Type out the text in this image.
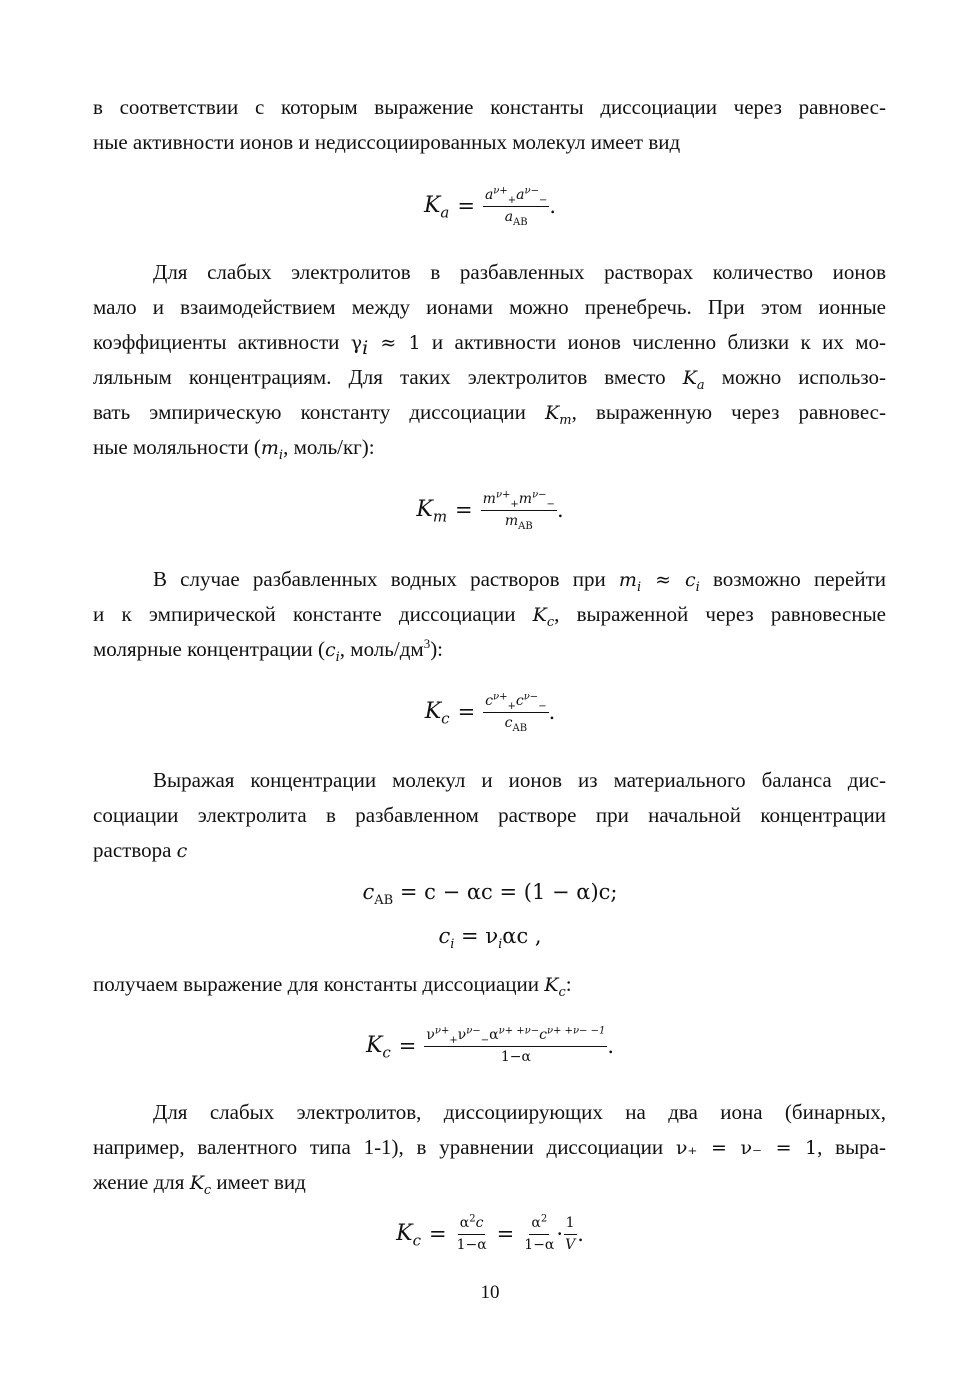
в соответствии с которым выражение константы диссоциации через равновес-
ные активности ионов и недиссоциированных молекул имеет вид
$K_a = \frac{a^{\nu+}_+a^{\nu-}_-}{a_{AB}}$ .
Для слабых электролитов в разбавленных растворах количество ионов
мало и взаимодействием между ионами можно пренебречь. При этом ионные
коэффициенты активности $\gamma_i \approx 1$ и активности ионов численно близки к их мо-
ляльным концентрациям. Для таких электролитов вместо $K_a$ можно использо-
вать эмпирическую константу диссоциации $K_m$, выраженную через равновес-
ные моляльности ($m_i$, моль/кг):
$K_m = \frac{m^{\nu+}_+m^{\nu-}_-}{m_{AB}}$ .
В случае разбавленных водных растворов при $m_i \approx c_i$ возможно перейти
и к эмпирической константе диссоциации $K_c$, выраженной через равновесные
молярные концентрации ($c_i$, моль/$дм^3$):
$K_c = \frac{c^{\nu+}_+c^{\nu-}_-}{c_{AB}}$ .
Выражая концентрации молекул и ионов из материального баланса дис-
социации электролита в разбавленном растворе при начальной концентрации
раствора c
$c_{AB} = c - \alpha c = (1 - \alpha)c$;
$c_i = \nu_i\alpha c$ ,
получаем выражение для константы диссоциации $K_c$:
$K_c = \frac{\nu^{\nu+}_+\nu^{\nu-}_-\alpha^{\nu+ +\nu-}c^{\nu+ +\nu- -1}}{1-\alpha}$ .
Для слабых электролитов, диссоциирующих на два иона (бинарных,
например, валентного типа 1-1), в уравнении диссоциации ν₊ = ν₋ = 1, выра-
жение для $K_c$ имеет вид
$K_c = \frac{\alpha^2c}{1-\alpha} = \frac{\alpha^2}{1-\alpha} \cdot \frac{1}{V}$ .
10
